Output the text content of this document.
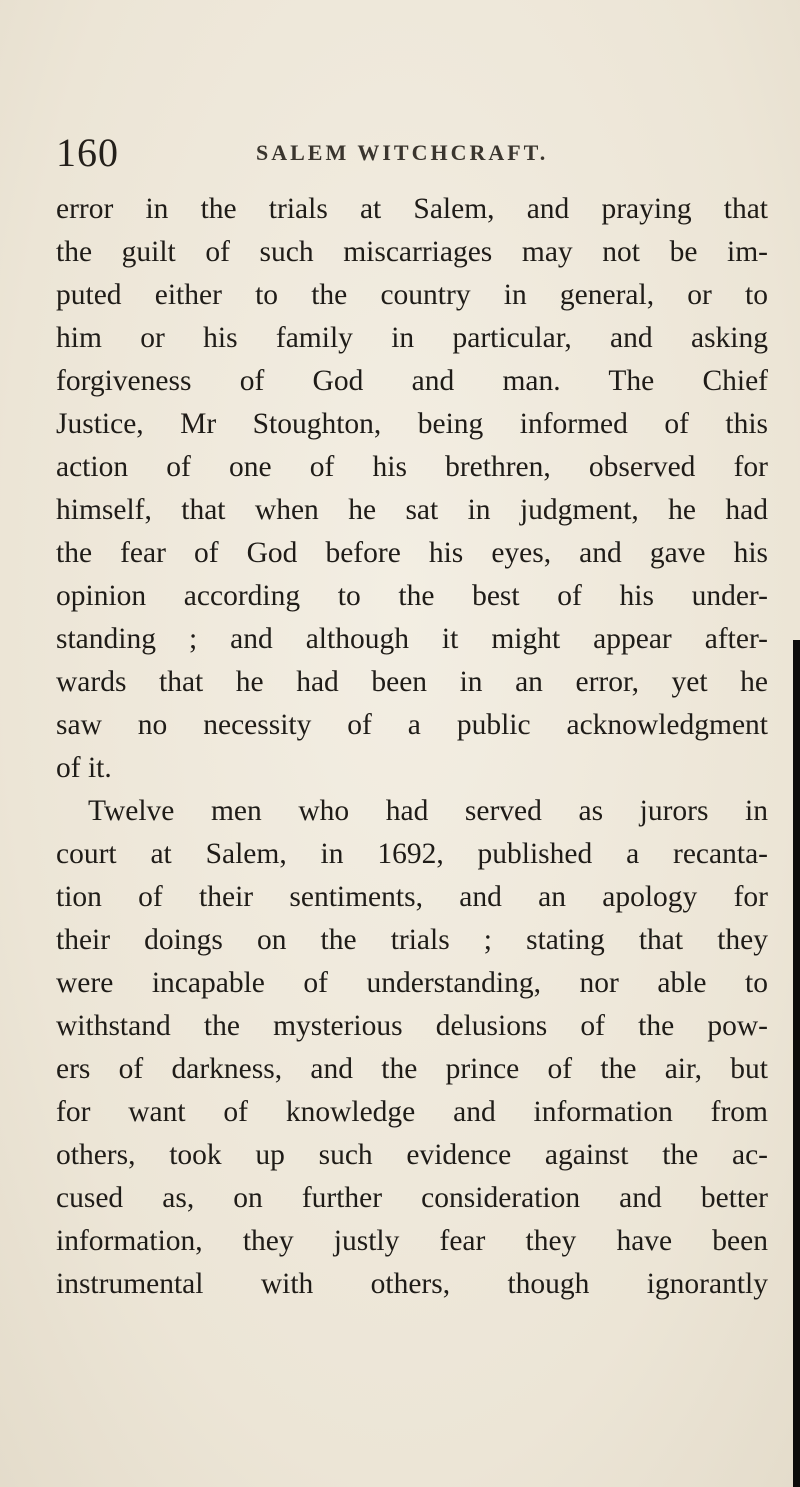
160	SALEM WITCHCRAFT.
error in the trials at Salem, and praying that
the guilt of such miscarriages may not be im-
puted either to the country in general, or to
him or his family in particular, and asking
forgiveness of God and man. The Chief
Justice, Mr Stoughton, being informed of this
action of one of his brethren, observed for
himself, that when he sat in judgment, he had
the fear of God before his eyes, and gave his
opinion according to the best of his under-
standing ; and although it might appear after-
wards that he had been in an error, yet he
saw no necessity of a public acknowledgment
of it.
Twelve men who had served as jurors in
court at Salem, in 1692, published a recanta-
tion of their sentiments, and an apology for
their doings on the trials ; stating that they
were incapable of understanding, nor able to
withstand the mysterious delusions of the pow-
ers of darkness, and the prince of the air, but
for want of knowledge and information from
others, took up such evidence against the ac-
cused as, on further consideration and better
information, they justly fear they have been
instrumental with others, though ignorantly
